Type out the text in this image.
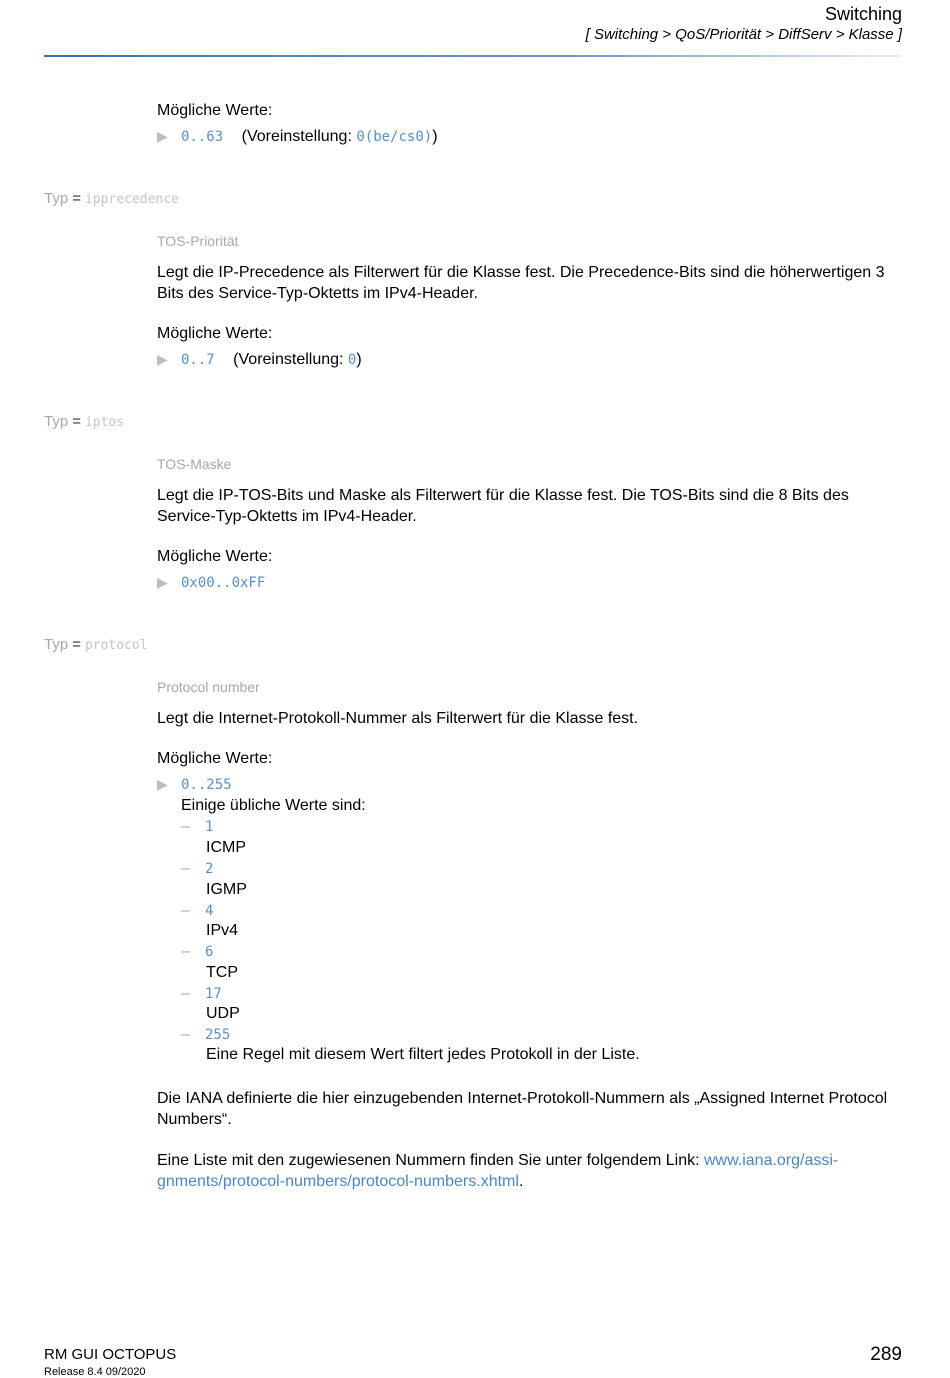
Switching
[ Switching > QoS/Priorität > DiffServ > Klasse ]
Mögliche Werte:
▶ 0..63 (Voreinstellung: 0(be/cs0))
Typ = ipprecedence
TOS-Priorität
Legt die IP-Precedence als Filterwert für die Klasse fest. Die Precedence-Bits sind die höherwertigen 3 Bits des Service-Typ-Oktetts im IPv4-Header.
Mögliche Werte:
▶ 0..7 (Voreinstellung: 0)
Typ = iptos
TOS-Maske
Legt die IP-TOS-Bits und Maske als Filterwert für die Klasse fest. Die TOS-Bits sind die 8 Bits des Service-Typ-Oktetts im IPv4-Header.
Mögliche Werte:
▶ 0x00..0xFF
Typ = protocol
Protocol number
Legt die Internet-Protokoll-Nummer als Filterwert für die Klasse fest.
Mögliche Werte:
▶ 0..255
Einige übliche Werte sind:
– 1
ICMP
– 2
IGMP
– 4
IPv4
– 6
TCP
– 17
UDP
– 255
Eine Regel mit diesem Wert filtert jedes Protokoll in der Liste.
Die IANA definierte die hier einzugebenden Internet-Protokoll-Nummern als „Assigned Internet Protocol Numbers“.
Eine Liste mit den zugewiesenen Nummern finden Sie unter folgendem Link: www.iana.org/assi-
gnments/protocol-numbers/protocol-numbers.xhtml.
RM GUI OCTOPUS
Release 8.4 09/2020
289
